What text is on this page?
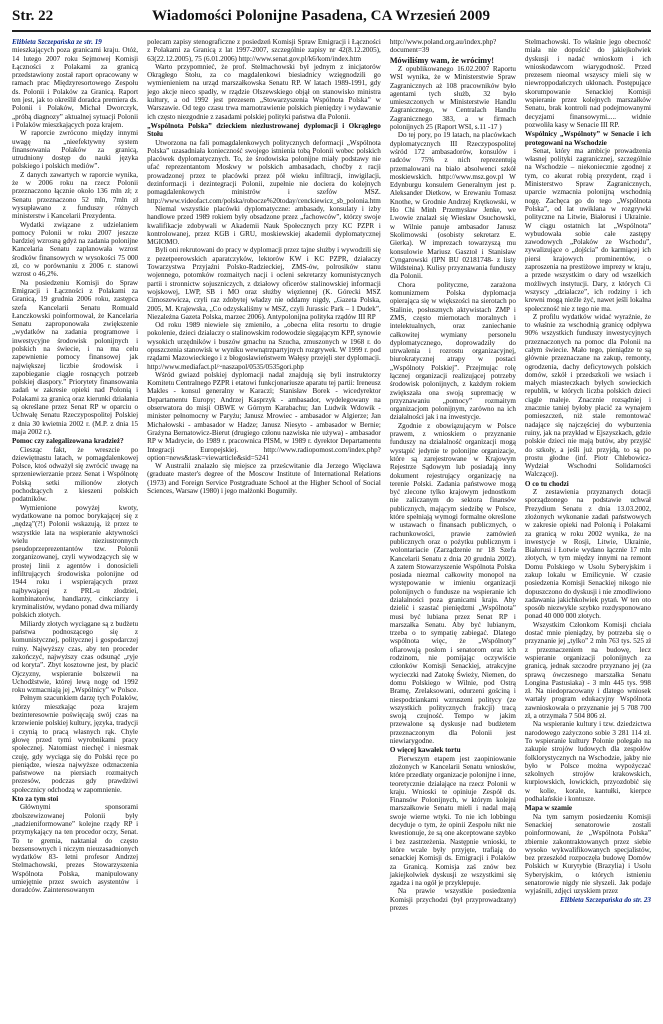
Str. 22	Wiadomości Polonijne Pasadena, CA Wrzesień 2009

Elżbieta Szczepańska ze str. 19

mieszkających poza granicami kraju. Otóż, 14 lutego 2007 roku Sejmowej Komisji Łączności z Polakami za granicą przedstawiony został raport opracowany w ramach prac Międzyresortowego Zespołu ds. Polonii i Polaków za Granicą. Raport ten jest, jak to określił doradca premiera ds. Polonii i Polaków, Michał Dworczyk, „próbą diagnozy” aktualnej sytuacji Polonii i Polaków mieszkających poza krajem.

W raporcie zwrócono między innymi uwagę na „nieefektywny system finansowania Polaków za granicą, utrudniony dostęp do nauki języka polskiego i polskich mediów”.

Z danych zawartych w raporcie wynika, że w 2006 roku na rzecz Polonii przeznaczono łącznie około 136 mln zł; z Senatu przeznaczono 52 mln, 7mln zł wysupławano z funduszy różnych ministerstw i Kancelarii Prezydenta.

Wydatki związane z udzielaniem pomocy Polonii w roku 2007 jeszcze bardziej wzrosną gdyż na zadania polonijne Kancelaria Senatu zaplanowała wzrost środków finansowych w wysokości 75 000 zł, co w porównaniu z 2006 r. stanowi wzrost o 46,2%.

Na posiedzeniu Komisji do Spraw Emigracji i Łączności z Polakami za Granicą, 19 grudnia 2006 roku, zastępca szefa Kancelarii Senatu Romuald Łanczkowski poinformował, że Kancelaria Senatu zaproponowała zwiększenie „wydatków na zadania programowe i inwestycyjne środowisk polonijnych i polskich na świecie, i na ma celu zapewnienie pomocy finansowej jak największej liczbie środowisk i zapobieganie ciągłe rosnących potrzeb polskiej diaspory.” Priorytety finansowania zadań w zakresie opieki nad Polonią i Polakami za granicą oraz kierunki działania są określane przez Senat RP w oparciu o Uchwałę Senatu Rzeczypospolitej Polskiej z dnia 30 kwietnia 2002 r. (M.P. z dnia 15 maja 2002 r.).

Pomoc czy zalegalizowana kradzież?

Ciesząc fakt, że wreszcie po dziewiętnastu latach, w pomagdalenkowej Polsce, ktoś odważył się zwrócić uwagę na sprzeniewierzanie przez Senat i Wspólnotę Polską setki milionów złotych pochodzących z kieszeni polskich podatników.

Wymienione powyżej kwoty, wydatkowane na pomoc borykającej się z „nędzą”(?!) Polonii wskazują, iż przez te wszystkie lata na wspieranie aktywności wielu nieziustronnych pseudoprzeprezentantów tzw. Polonii zorganizowanej, czyli wywodzących się w prostej linii z agentów i donosicieli infiltrujących środowiska polonijne od 1944 roku i wspierających przez najbywającej z PRL-u złodziei, kombinatorów, handlarzy, cinkciarzy i kryminalistów, wydano ponad dwa miliardy polskich złotych.

Miliardy złotych wyciągane są z budżetu państwa podnoszącego się z komunistycznej, politycznej i gospodarczej ruiny. Najwyższy czas, aby ten proceder zakończyć, najwyższy czas odsunąć „ryje od koryta”. Zbyt kosztowne jest, by płacić Ojczyzny, wspieranie bolszewii na Uchodźstwie, której lewą nogę od 1992 roku wzmacniają jej „Wspólnicy” w Polsce.

Pełnym szacunkiem darzę tych Polaków, którzy mieszkając poza krajem bezinteresownie poświęcają swój czas na krzewienie polskiej kultury, języka, tradycji i czynią to pracą własnych rąk. Chyle głowę przed tymi wyrobnikami pracy społecznej. Natomiast niechęć i niesmak czuję, gdy wyciąga się do Polski ręce po pieniądze, wiesza najwyższe odznaczenia państwowe na piersiach rozmaitych prezesów, podczas gdy prawdziwi społecznicy odchodzą w zapomnienie.

Kto za tym stoi

Głównymi sponsorami zbolszewizowanej Polonii były „nadzieniformowane” kolejne rządy RP i przymykający na ten procedor oczy, Senat. To te gremia, naktaniał do często bezsensownych i niczym nieuzasadnionych wydatków 83- letni profesor Andrzej Stelmachowski, prezes Stowarzyszenia Wspólnota Polska, manipulowany umiejętnie przez swoich asystentów i doradców. Zainteresowanym

polecam zapisy stenograficzne z posiedzeń Komisji Spraw Emigracji i Łączności z Polakami za Granicą z lat 1997-2007, szczególnie zapisy nr 42(8.12.2005), 63(22.12.2005), 75 (6.01.2006) http://www.senat.gov.pl/k6/kom/index.htm

Warto przypomnieć, że prof. Stelmachowski był jednym z inicjatorów Okrągłego Stołu, za co magdalenkowi biesiadnicy wzięgnodzili go wymienieniem na urząd marszałkowska Senatu RP. W latach 1989-1991, gdy jego akcje nieco spadły, w rządzie Olszewskiego objął on stanowisko ministra kultury, a od 1992 jest prezesem „Stowarzyszenia Wspólnota Polska” w Warszawie. Od tego czasu trwa marnotrawienie polskich pieniędzy i wydawanie ich często niezgodnie z zasadami polskiej polityki państwa dla Polonii.

„Wspólnota Polska” dzieckiem niezlustrowanej dyplomacji i Okrągłego Stołu

Utworzona na fali pomagdalenkowych politycznych deformacji „Wspólnota Polska” uzasadniała konieczność swojego istnienia tobą Polonii wobec polskich placówek dyplomatycznych. To, że środowiska polonijne miały podstawy nie ufać reprezentantom Moskwy w polskich ambasadach, choćby z racji prowadzonej przez te placówki przez pół wieku infiltracji, inwigilacji, dezinformacji i dezintegracji Polonii, zupełnie nie dociera do kolejnych pomagdalenkowych ministrów i szefów MSZ. http://www.videofact.com/polska/robocze%20today/cenckiewicz_sb_polonia.htm

Niemal wszystkie placówki dyplomatyczne: ambasady, konsulaty i izby handlowe przed 1989 rokiem były obsadzone przez „fachowców”, którzy swoje kwalifikacje zdobywali w Akademii Nauk Społecznych przy KC PZPR i kontrolowanej, przez KGB i GRU, moskiewskiej akademii dyplomatycznej MGIOMO.

Byli oni rekrutowani do pracy w dyplomacji przez tajne służby i wywodzili się z pezetpeerowskich aparatczyków, lektorów KW i KC PZPR, działaczy Towarzystwa Przyjaźni Polsko-Radzieckiej, ZMS-ów, polrosików stanu wojennego, potomków rozmaitych nacji i ocleni sekretarzy komunistycznych partii i stronnictw sojuszniczych, z działowy oficerów stalinowskiej informacji wojskowej, LWP, SB i MO oraz służby więziennej (K. Górecki MSZ Cimoszewicza, czyli raz zdobytej władzy nie oddamy nigdy, „Gazeta Polska, 2005, M. Krajewska, „Co odzyskaliśmy w MSZ, czyli Jurassic Park – 1 Dudek”, Niezależna Gazeta Polska, marzec 2006). Antypolonijna polityka rządów III RP

Od roku 1989 niewiele się zmieniło, a „obecna elita resortu to drugie pokolenie, dzieci działaczy o stalinowskim rodowodzie sięgającym KPP, synowie wysokich urzędników i buszów gmachu na Szucha, zmuszonych w 1968 r. do opuszczenia stanowisk w wyniku wewnątrzpartyjnych rozgrywek. W 1999 r. pod rządami Mazowieckiego i z błogosławieństwem Wałęsy przejęli ster dyplomacji. http://www.mediafact.pl/~naszapol/0535/0535gori.php

Wśród gwiazd polskiej dyplomacji nadal znajdują się byli instruktorzy Komitetu Centralnego PZPR i etatowi funkcjonariusze aparatu tej partii: Ireneusz Makles - konsul generalny w Karaczi; Stanisław Borek - wicedyrektor Departamentu Europy; Andrzej Kasprzyk - ambasador, wydelegowany na obserwatora do misji OBWE w Górnym Karabachu; Jan Ludwik Wdowik - minister pełnomocny w Paryżu; Janusz Mrowiec - ambasador w Algierze; Jan Michałowski - ambasador w Hadze; Janusz Niesyto - ambasador w Bernie; Grażyna Bernatowicz-Bierut (drugiego członu nazwiska nie używa) - ambasador RP w Madrycie, do 1989 r. pracownica PISM, w 1989 r. dyrektor Departamentu Integracji Europejskiej. http://www.radiopomost.com/index.php?option=news&task=viewarticle&sid=5241

W Australii znalazło się miejsce za prześcwitanie dla Jerzego Więcława (graduate master's degree of the Moscow Institute of International Relations (1973) and Foreign Service Postgraduate School at the Higher School of Social Sciences, Warsaw (1980) i jego małżonki Bogumiły.

http://www.poland.org.au/index.php?document=39

Mówiliśmy wam, że wrócimy!

Z opublikowanego 16.02.2007 Raportu WSI wynika, że w Ministerstwie Spraw Zagranicznych aż 108 pracowników było agentami tych służb, 32 było umieszczonych w Ministerstwie Handlu Zagranicznego, w Centralach Handlu Zagranicznego 383, a w firmach polonijnych 25 (Raport WSI, s.11 -17 )

Do tej pory, po 19 latach, na placówkach dyplomatycznych III Rzeczypospolitej wśród 172 ambasadorów, konsulów i radców 75% z nich reprezentują przemalowani na biało absolwenci szkół moskiewskich. http://www.msz.gov.pl W Edynburgu konsulem Generalnym jest p. Aleksander Dietkow, w Erewaniu Tomasz Knothe, w Grodnie Andrzej Krętkowski, w Ho Chi Minh Przemysław Jenke, we Lwowie znalazł się Wiesław Osuchowski, w Wilnie panuje ambasador Janusz Skolimowski (osobisty sekretarz E. Gierka). W imprezach towarzyszą mu konsulowie Mariusz Gasztoł i Stanisław Cyngarowski (IPN BU 02181748- z listy Wildsteina). Kulisy przyznawania funduszy dla Polonii.

Chora polityczne, zarażona komunizmem Polska dyplomacja opierająca się w większości na sierotach po Stalinie, posłusznych aktywistach ZMP i ZMS, często miernotach moralnych i intelektualnych, oraz zaniechanie całkowitej wymiany personelu dyplomatycznego, doprowadziły do utrwalenia i rozrostu organizacyjnej, biurokratycznej atrapy w postaci „Wspólnoty Polskiej”. Przejmując rolę łącznej organizacji realizującej potrzeby środowisk polonijnych, z każdym rokiem zwiększała ona swoją supremację w przyznawaniu „pomocy” rozmaitym organizacjom polonijnym, zarówno na ich działalności jak i na inwestycje.

Zgodnie z obowiązującym w Polsce prawem, z wnioskiem o przyznanie funduszy na działalność organizacji mogą wystąpić jedynie te polonijne organizacje, które są zarejestrowane w Krajowym Rejestrze Sądowym lub posiadają inny dokument rejestrujący organizację na terenie Polski. Zadania państwowe mogą być zlecone tylko krajowym jednostkom nie zaliczanym do sektora finansów publicznych, mającym siedzibę w Polsce, które spełniają wymogi formalne określone w ustawach o finansach publicznych, o rachunkowości, prawie zamówień publicznych oraz o pożytku publicznym i wolontariacie (Zarządzenie nr 18 Szefa Kancelarii Senatu z dnia 20 grudnia 2002). A zatem Stowarzyszenie Wspólnota Polska posiada niezmal całkowity monopol na występowanie w imieniu organizacji polonijnych o fundusze na wspieranie ich działalności poza granicami kraju. Aby dzielić i szastać pieniędzmi „Wspólnota” musi być lubiana przez Senat RP i marszałka Senatu. Aby być lubianym, trzeba o to sympatię zabiegać. Dlatego wspólnota więc, że „Wspólnoty” ofiarowują posłom i senatorom oraz ich rodzinom, nie pomijając oczywiście członków Komisji Senackiej, atrakcyjne wycieczki nad Zatokę Świeży, Niemen, do domu Polskiego w Wilnie, pod Ostrą Bramę, Zrelaksowani, odurzeni gościną i niespodziankami wzruszeni politycy (ze wszystkich politycznych frakcji) tracą swoją czujność. Tempo w jakim przewalone są dyskusje nad budżetem przeznaczonym dla Polonii jest niewiarygodne.

O więcej kawałek tortu

Pierwszym etapem jest zaopiniowanie złożonych w Kancelarii Senatu wniosków, które przedłaty organizacje polonijne i inne, teoretycznie działające na rzecz Polonii w kraju. Wnioski te opiniuje Zespół ds. Finansów Polonijnych, w którym kolejni marszałkowie Senatu mieli i nadal mają swoje wierne wtyki. To nie ich lobbingu decyduje o tym, że opinii Zespołu nikt nie kwestionuje, że są one akceptowane szybko i bez zastrzeżenia. Następnie wnioski, te które wcale były przyjęte, trafiają do senackiej Komisji ds. Emigracji i Polaków za Granicą. Komisja zaś znów bez jakiejkolwiek dyskusji ze wszystkimi się zgadza i na ogół je przyklepuje.

Na prawie wszystkie posiedzenia Komisji przychodzi (był przyprowadzany) prezes

Stelmachowski. To właśnie jego obecność miała nie dopuścić do jakiejkolwiek dyskusji i nadać wnioskom i ich wnioskodawcom wiarygodność. Przed prezesem nieomal wszyscy mieli się w niewroppodańczych ukłonach. Postępujące skorumpowanie Senackiej Komisji wspieranie przez kolejnych marszałków Senatu, brak kontroli nad podejmowanymi decyzjami finansowymi..... widnie pozwoliła kasy w Senacie III RP.

Wspólnicy „Wspólnoty” w Senacie i ich protegowani na Wschodzie

Senat, który ma ambicje prowadzenia własnej polityki zagranicznej, szczególnie na Wschodzie – niekoniecznie zgodnej z tym, co akurat robią prezydent, rząd i Ministerstwo Spraw Zagranicznych, uparcie wzmacnia polonijną wschodnią nogę. Zachęca go do tego „Wspólnota Polska”, od lat uwikłana w rozgrywki polityczne na Litwie, Białorusi i Ukrainie. W ciągu ostatnich lat „Wspólnota” wybudowała sobie całe zastępy zawodowych „Polaków ze Wschodu”, zywalizujące o „dojścia” do karmiącej ich piersi krajowych prominentów, o zaproszenia na prestiżowe imprezy w kraju, a przede wszystkim o dary od wszelkich możliwych instytucji. Dary, z których Ci wszyscy „działacze”, ich rodziny i ich krewni mogą nieźle żyć, nawet jeśli lokalna społeczność nie z tego nie ma.

Z profilu wydatków widać wyraźnie, że to właśnie za wschodnią granicę odpływa 90% wszystkich funduszy inwestycyjnych przeznaczonych na pomoc dla Polonii na całym świecie. Mało tego, pieniądze te są głównie przeznaczane na zakup, remonty, ogrodzenia, dachy deficytowych polskich domów, szkół i przedszkoli we wsiach i małych miasteczkach byłych sowieckich republik, w których liczba polskich dzieci ciągle maleje. Znacznie rozsądniej i znacznie taniej byłoby płacić za wynajem pomieszczeń, niż stale remontować nadające się najczęściej do wyburzenia ruiny, jak na przykład w Ejszyszkach, gdzie polskie dzieci nie mają butów, aby przyjść do szkoły, a jeśli już przyjdą, to są po prostu głodne (inf. Piotr Chlebowicz-Wydział Wschodni Solidarności Walczącej).

O co tu chodzi

Z zestawienia przyznanych dotacji sporządzonego na podstawie uchwał Prezydium Senatu z dnia 13.03.2002, złożonych wykonanie zadań państwowych w zakresie opieki nad Polonią i Polakami za granicą w roku 2002 wynika, że na inwestycje w Rosji, Litwie, Ukrainie, Białorusi i Łotwie wydano łącznie 17 mln złotych, w tym między innymi na remont Domu Polskiego w Usolu Syberyjskim i zakup lokalu w Emilicynie. W czasie posiedzenia Komisji Senackiej nikogo nie dopuszczono do dyskusji i nie zmodliwiono zadawania jakichkolwiek pytań. W ten oto sposób niezwykle szybko rozdysponowano ponad 40 000 000 złotych.

Wszystkim Członkom Komisji chciała dostać mnie pieniądzy, by potrzeba się o przyznanie jej „tylko” 2 mln 763 tys. 525 zł z przeznaczeniem na budowę, lecz wspieranie organizacji polonijnych za granicą, jednak szczodre przyznano jej (za sprawą ówczesnego marszałka Senatu Longina Pastusiaka) - 3 mln 445 tys. 998 zł. Na niedopracowany i dlatego wniosek wartały program edukacyjny Wspólnota zawnioskowała o przyznanie jej 5 708 700 zł, a otrzymała 7 504 806 zł.

Na wspieranie kultury i tzw. dziedzictwa narodowego zażyczono sobie 3 281 114 zł. To wspieranie kultury Polonie polegało na zakupie strojów ludowych dla zespołów folklorystycznych na Wschodzie, jakby nie było w Polsce można wypożyczać szkolnych strojów krakowskich, kurpiowskich, łowickich, przyozdobić się w kolie, korale, kantułki, kierpce podhalańskie i kontusze.

Mapa w szamie

Na tym samym posiedzeniu Komisji Senackiej senatorowie zostali poinformowani, że „Wspólnota Polska” zbiernie zakontraktowanych przez siebie wysoko wykwalifikowanych specjalistów, bez przeszkód rozpoczęła budowę Domów Polskich w Kurytybie (Brazylia) i Usolu Syberyjskim, o których istnieniu senatorowie nigdy nie słyszeli. Jak podaje wyjaśnili, zdjęci uzyskiem przez

Elżbieta Szczepańska do str. 23
